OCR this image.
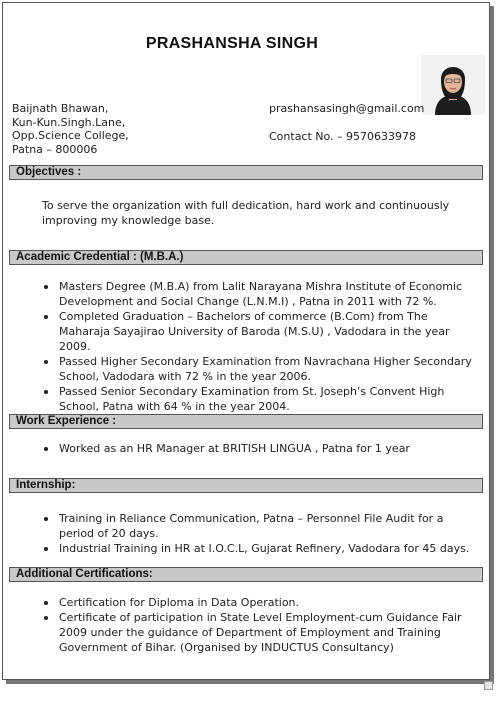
PRASHANSHA SINGH
Baijnath Bhawan,
Kun-Kun.Singh.Lane,
Opp.Science College,
Patna – 800006
prashansasingh@gmail.com
Contact No. – 9570633978
Objectives :
To serve the organization with full dedication, hard work and continuously improving my knowledge base.
Academic Credential : (M.B.A.)
Masters Degree (M.B.A) from Lalit Narayana Mishra Institute of Economic Development and Social Change (L.N.M.I) , Patna in 2011 with 72 %.
Completed Graduation – Bachelors of commerce (B.Com) from The Maharaja Sayajirao University of Baroda (M.S.U) , Vadodara in the year 2009.
Passed Higher Secondary Examination from Navrachana Higher Secondary School, Vadodara with 72 % in the year 2006.
Passed Senior Secondary Examination from St. Joseph’s Convent High School, Patna with 64 % in the year 2004.
Work Experience :
Worked as an HR Manager at BRITISH LINGUA , Patna for 1 year
Internship:
Training in Reliance Communication, Patna – Personnel File Audit for a period of 20 days.
Industrial Training in HR at I.O.C.L, Gujarat Refinery, Vadodara for 45 days.
Additional Certifications:
Certification for Diploma in Data Operation.
Certificate of participation in State Level Employment-cum Guidance Fair 2009 under the guidance of Department of Employment and Training Government of Bihar. (Organised by INDUCTUS Consultancy)
